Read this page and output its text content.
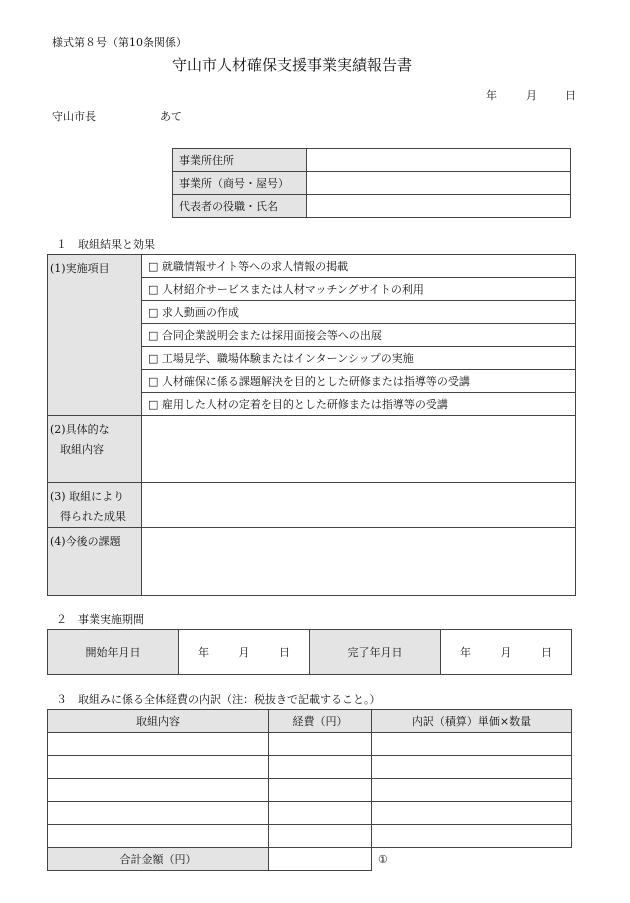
様式第８号（第10条関係）
守山市人材確保支援事業実績報告書
年	月	日
守山市長	あて
事業所住所	
事業所（商号・屋号）	
代表者の役職・氏名	
１　取組結果と効果
(1)実施項目	□ 就職情報サイト等への求人情報の掲載
	□ 人材紹介サービスまたは人材マッチングサイトの利用
	□ 求人動画の作成
	□ 合同企業説明会または採用面接会等への出展
	□ 工場見学、職場体験またはインターンシップの実施
	□ 人材確保に係る課題解決を目的とした研修または指導等の受講
	□ 雇用した人材の定着を目的とした研修または指導等の受講

(2)具体的な
取組内容	

(3) 取組により
得られた成果	

(4)今後の課題	
２　事業実施期間
開始年月日	年	月	日	完了年月日	年	月	日
３　取組みに係る全体経費の内訳（注：税抜きで記載すること。）
取組内容	経費（円）	内訳（積算）単価×数量

合計金額（円）		①
